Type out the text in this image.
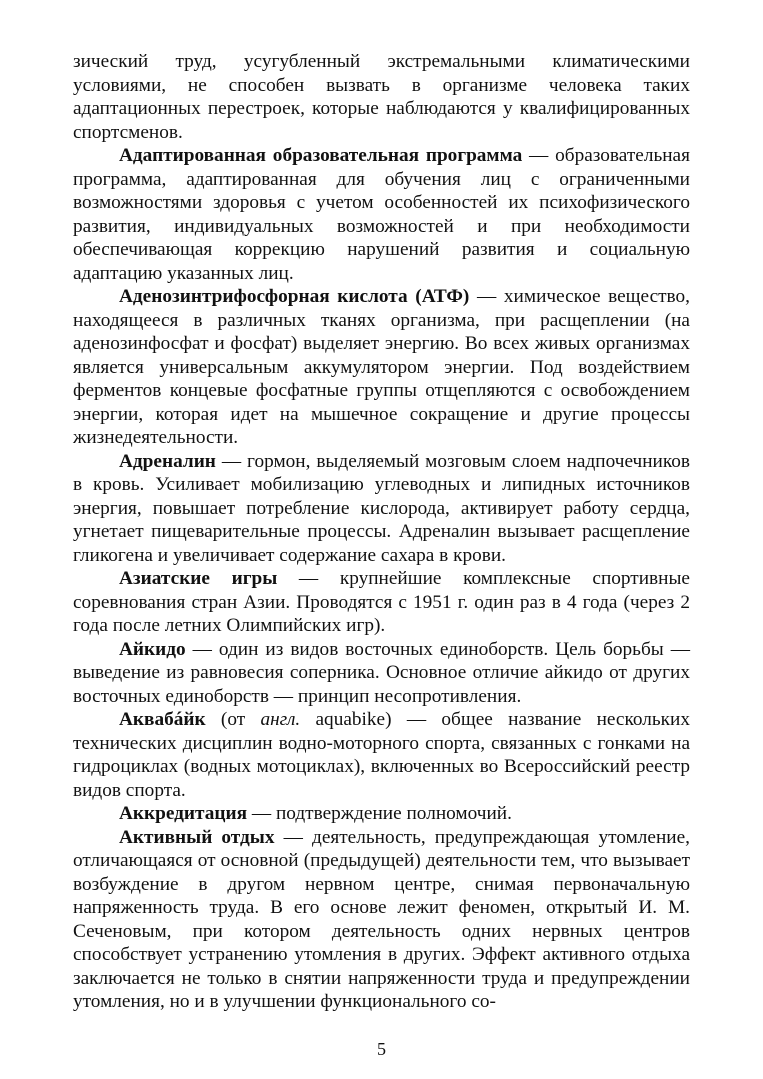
зический труд, усугубленный экстремальными климатическими условиями, не способен вызвать в организме человека таких адаптационных перестроек, которые наблюдаются у квалифицированных спортсменов.

Адаптированная образовательная программа — образовательная программа, адаптированная для обучения лиц с ограниченными возможностями здоровья с учетом особенностей их психофизического развития, индивидуальных возможностей и при необходимости обеспечивающая коррекцию нарушений развития и социальную адаптацию указанных лиц.

Аденозинтрифосфорная кислота (АТФ) — химическое вещество, находящееся в различных тканях организма, при расщеплении (на аденозинфосфат и фосфат) выделяет энергию. Во всех живых организмах является универсальным аккумулятором энергии. Под воздействием ферментов концевые фосфатные группы отщепляются с освобождением энергии, которая идет на мышечное сокращение и другие процессы жизнедеятельности.

Адреналин — гормон, выделяемый мозговым слоем надпочечников в кровь. Усиливает мобилизацию углеводных и липидных источников энергия, повышает потребление кислорода, активирует работу сердца, угнетает пищеварительные процессы. Адреналин вызывает расщепление гликогена и увеличивает содержание сахара в крови.

Азиатские игры — крупнейшие комплексные спортивные соревнования стран Азии. Проводятся с 1951 г. один раз в 4 года (через 2 года после летних Олимпийских игр).

Айкидо — один из видов восточных единоборств. Цель борьбы — выведение из равновесия соперника. Основное отличие айкидо от других восточных единоборств — принцип несопротивления.

Аквабáйк (от англ. aquabike) — общее название нескольких технических дисциплин водно-моторного спорта, связанных с гонками на гидроциклах (водных мотоциклах), включенных во Всероссийский реестр видов спорта.

Аккредитация — подтверждение полномочий.

Активный отдых — деятельность, предупреждающая утомление, отличающаяся от основной (предыдущей) деятельности тем, что вызывает возбуждение в другом нервном центре, снимая первоначальную напряженность труда. В его основе лежит феномен, открытый И. М. Сеченовым, при котором деятельность одних нервных центров способствует устранению утомления в других. Эффект активного отдыха заключается не только в снятии напряженности труда и предупреждении утомления, но и в улучшении функционального со-

5
